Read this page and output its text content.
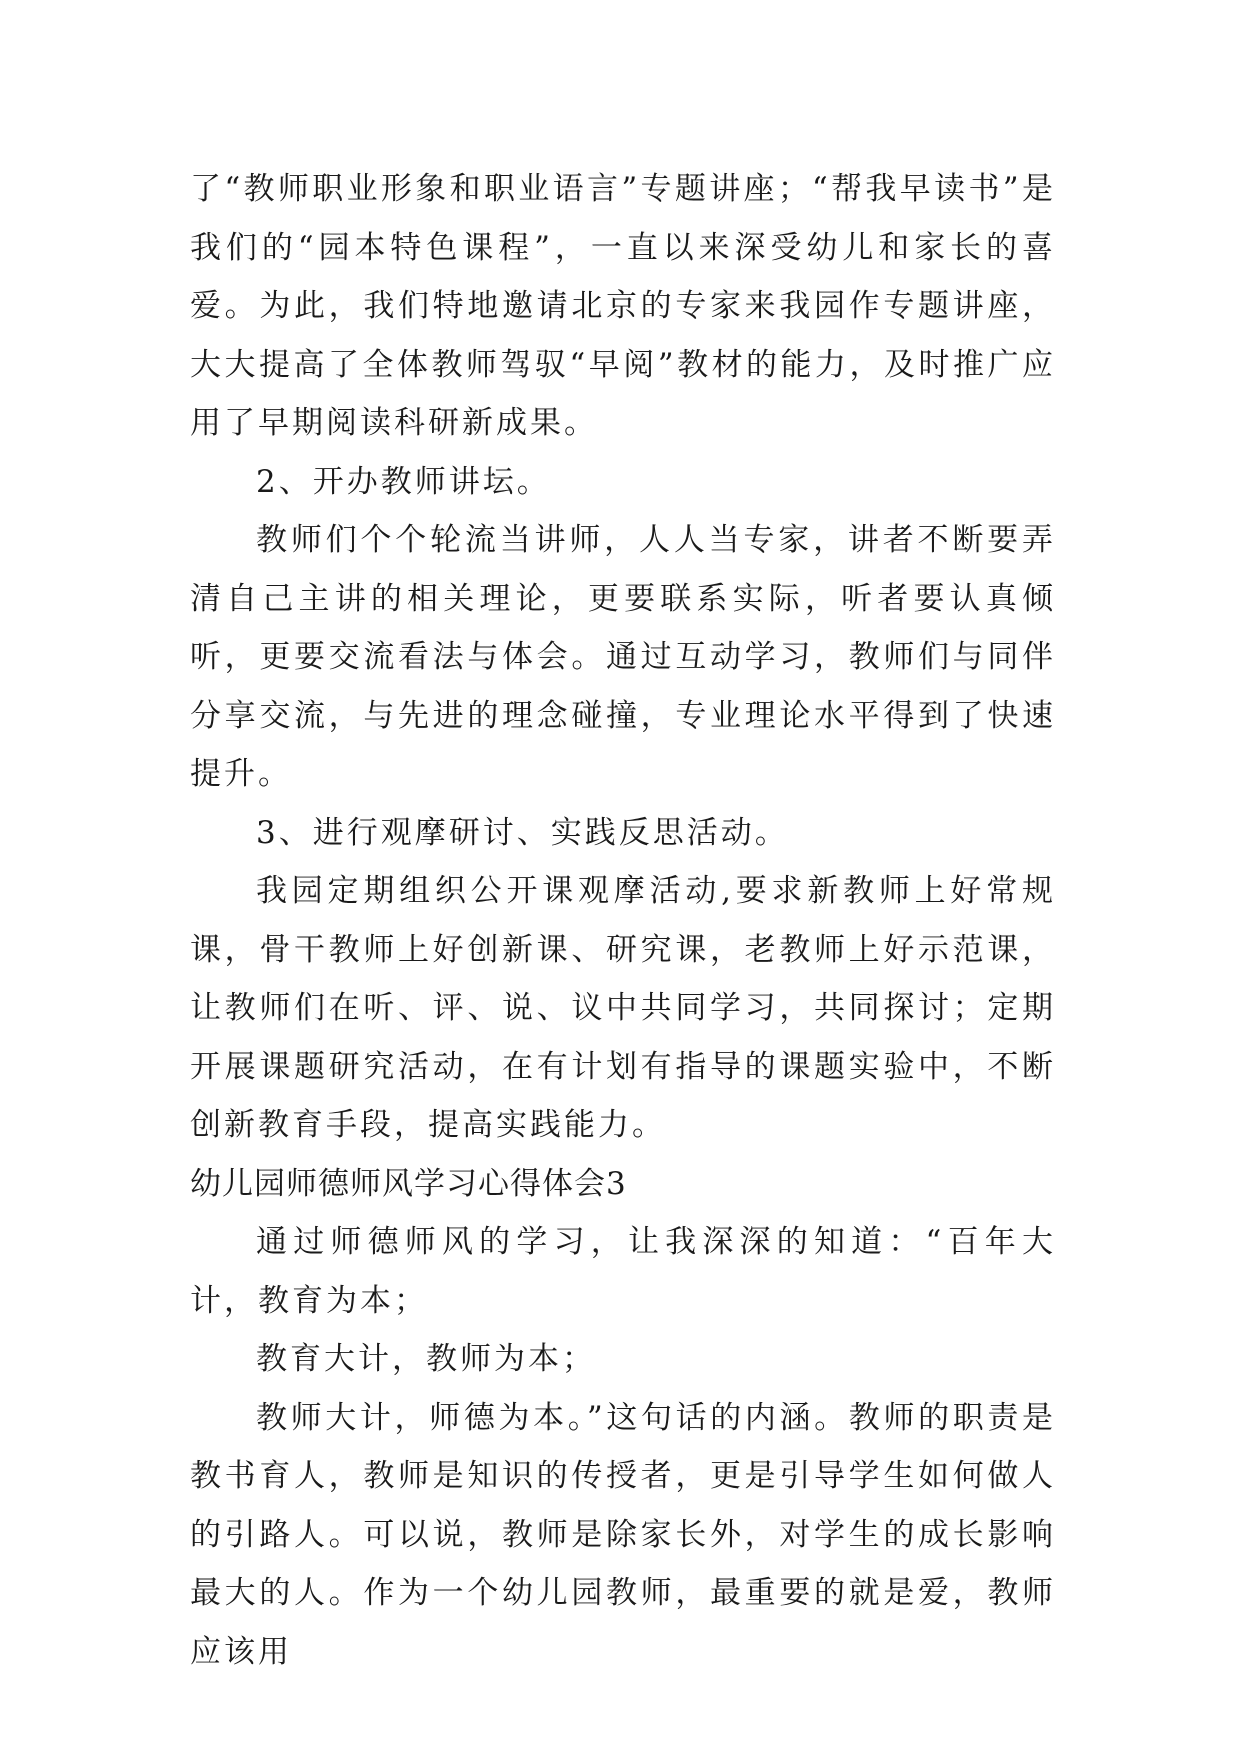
了“教师职业形象和职业语言”专题讲座；“帮我早读书”是我们的“园本特色课程”，一直以来深受幼儿和家长的喜爱。为此，我们特地邀请北京的专家来我园作专题讲座，大大提高了全体教师驾驭“早阅”教材的能力，及时推广应用了早期阅读科研新成果。

2、开办教师讲坛。

教师们个个轮流当讲师，人人当专家，讲者不断要弄清自己主讲的相关理论，更要联系实际，听者要认真倾听，更要交流看法与体会。通过互动学习，教师们与同伴分享交流，与先进的理念碰撞，专业理论水平得到了快速提升。

3、进行观摩研讨、实践反思活动。

我园定期组织公开课观摩活动,要求新教师上好常规课，骨干教师上好创新课、研究课，老教师上好示范课，让教师们在听、评、说、议中共同学习，共同探讨；定期开展课题研究活动，在有计划有指导的课题实验中，不断创新教育手段，提高实践能力。

幼儿园师德师风学习心得体会3

通过师德师风的学习，让我深深的知道：“百年大计，教育为本；

教育大计，教师为本；

教师大计，师德为本。”这句话的内涵。教师的职责是教书育人，教师是知识的传授者，更是引导学生如何做人的引路人。可以说，教师是除家长外，对学生的成长影响最大的人。作为一个幼儿园教师，最重要的就是爱，教师应该用
